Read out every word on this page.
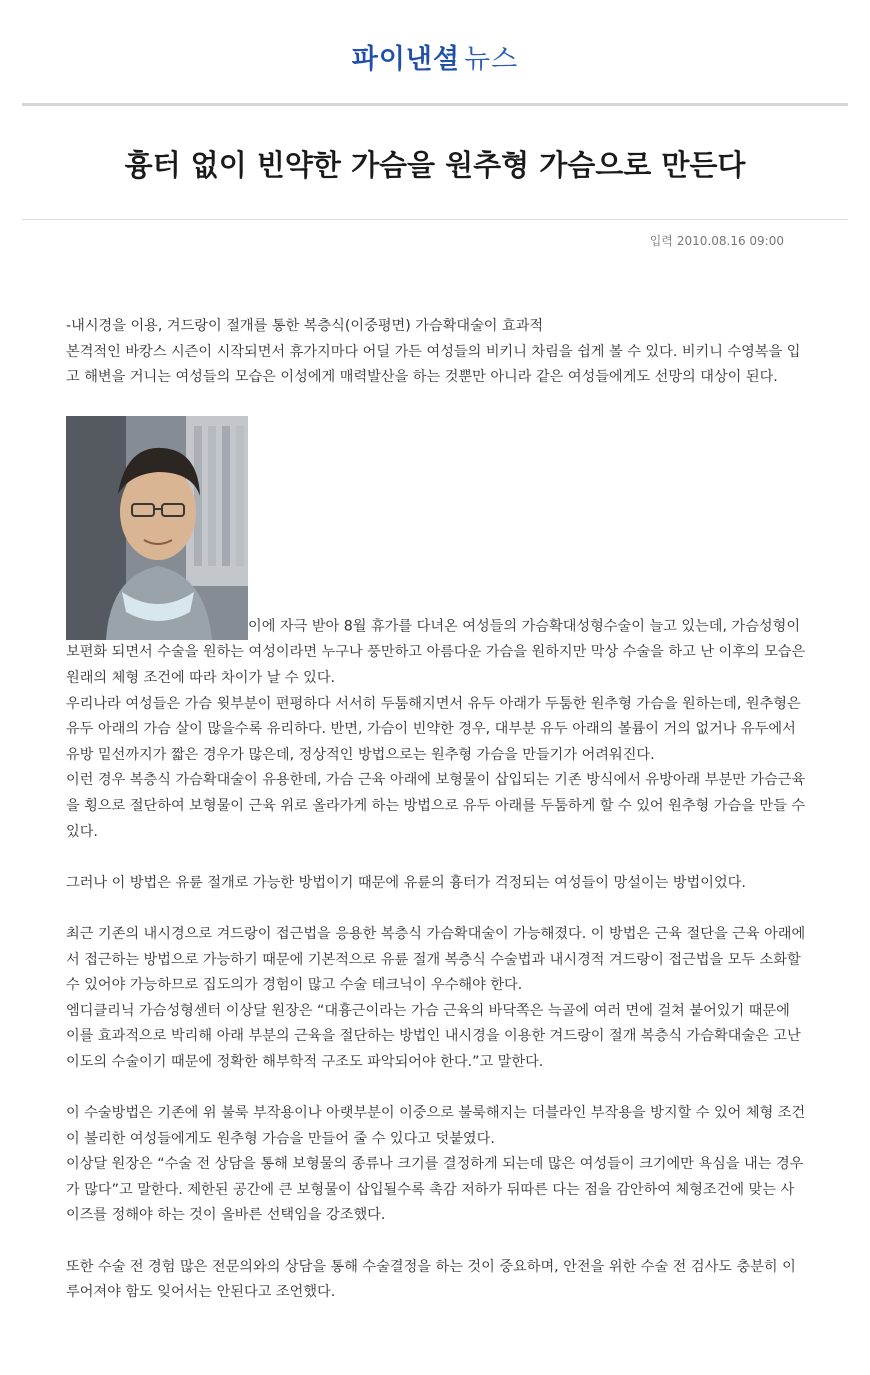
파이낸셜 뉴스
흉터 없이 빈약한 가슴을 원추형 가슴으로 만든다
입력 2010.08.16 09:00

-내시경을 이용, 겨드랑이 절개를 통한 복층식(이중평면) 가슴확대술이 효과적

본격적인 바캉스 시즌이 시작되면서 휴가지마다 어딜 가든 여성들의 비키니 차림을 쉽게 볼 수 있다. 비키니 수영복을 입고 해변을 거니는 여성들의 모습은 이성에게 매력발산을 하는 것뿐만 아니라 같은 여성들에게도 선망의 대상이 된다.

이에 자극 받아 8월 휴가를 다녀온 여성들의 가슴확대성형수술이 늘고 있는데, 가슴성형이 보편화 되면서 수술을 원하는 여성이라면 누구나 풍만하고 아름다운 가슴을 원하지만 막상 수술을 하고 난 이후의 모습은 원래의 체형 조건에 따라 차이가 날 수 있다.

우리나라 여성들은 가슴 윗부분이 편평하다 서서히 두툼해지면서 유두 아래가 두툼한 원추형 가슴을 원하는데, 원추형은 유두 아래의 가슴 살이 많을수록 유리하다. 반면, 가슴이 빈약한 경우, 대부분 유두 아래의 볼륨이 거의 없거나 유두에서 유방 밑선까지가 짧은 경우가 많은데, 정상적인 방법으로는 원추형 가슴을 만들기가 어려워진다.

이런 경우 복층식 가슴확대술이 유용한데, 가슴 근육 아래에 보형물이 삽입되는 기존 방식에서 유방아래 부분만 가슴근육을 횡으로 절단하여 보형물이 근육 위로 올라가게 하는 방법으로 유두 아래를 두툼하게 할 수 있어 원추형 가슴을 만들 수 있다.

그러나 이 방법은 유륜 절개로 가능한 방법이기 때문에 유륜의 흉터가 걱정되는 여성들이 망설이는 방법이었다.

최근 기존의 내시경으로 겨드랑이 접근법을 응용한 복층식 가슴확대술이 가능해졌다. 이 방법은 근육 절단을 근육 아래에서 접근하는 방법으로 가능하기 때문에 기본적으로 유륜 절개 복층식 수술법과 내시경적 겨드랑이 접근법을 모두 소화할 수 있어야 가능하므로 집도의가 경험이 많고 수술 테크닉이 우수해야 한다.

엠디클리닉 가슴성형센터 이상달 원장은 “대흉근이라는 가슴 근육의 바닥쪽은 늑골에 여러 면에 걸쳐 붙어있기 때문에 이를 효과적으로 박리해 아래 부분의 근육을 절단하는 방법인 내시경을 이용한 겨드랑이 절개 복층식 가슴확대술은 고난이도의 수술이기 때문에 정확한 해부학적 구조도 파악되어야 한다.”고 말한다.

이 수술방법은 기존에 위 불룩 부작용이나 아랫부분이 이중으로 불룩해지는 더블라인 부작용을 방지할 수 있어 체형 조건이 불리한 여성들에게도 원추형 가슴을 만들어 줄 수 있다고 덧붙였다.

이상달 원장은 “수술 전 상담을 통해 보형물의 종류나 크기를 결정하게 되는데 많은 여성들이 크기에만 욕심을 내는 경우가 많다”고 말한다. 제한된 공간에 큰 보형물이 삽입될수록 촉감 저하가 뒤따른 다는 점을 감안하여 체형조건에 맞는 사이즈를 정해야 하는 것이 올바른 선택임을 강조했다.

또한 수술 전 경험 많은 전문의와의 상담을 통해 수술결정을 하는 것이 중요하며, 안전을 위한 수술 전 검사도 충분히 이루어져야 함도 잊어서는 안된다고 조언했다.
